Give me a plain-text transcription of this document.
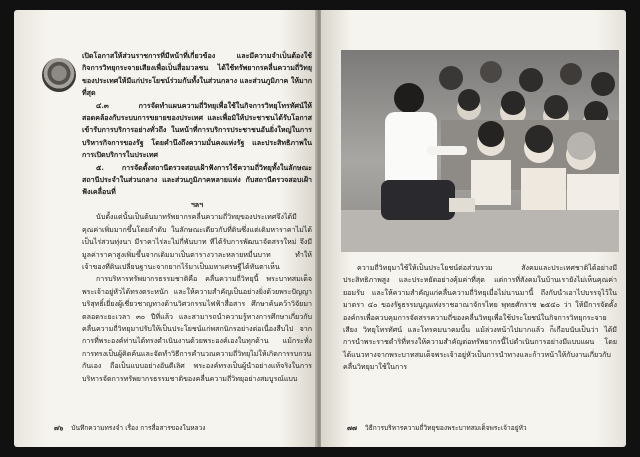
เปิดโอกาสให้ส่วนราชการที่มีหน้าที่เกี่ยวข้อง และมีความจำเป็นต้องใช้กิจการวิทยุกระจายเสียงเพื่อเป็นสื่อมวลชน ได้ใช้ทรัพยากรคลื่นความถี่วิทยุของประเทศให้มีแก่ประโยชน์ร่วมกันทั้งในส่วนกลาง และส่วนภูมิภาค ให้มากที่สุด

๔.๓ การจัดทำแผนความถี่วิทยุเพื่อใช้ในกิจการวิทยุโทรทัศน์ให้สอดคล้องกับระบบการขยายของประเทศ และเพื่อมิให้ประชาชนได้รับโอกาสเข้ารับการบริการอย่างทั่วถึง ในหน้าที่การบริการประชาชนอันยิ่งใหญ่ในการบริหารกิจการของรัฐ โดยคำนึงถึงความมั่นคงแห่งรัฐ และประสิทธิภาพในการเปิดบริการในประเทศ

๕. การจัดตั้งสถานีตรวจสอบเฝ้าฟังการใช้ความถี่วิทยุทั้งในลักษณะสถานีประจำในส่วนกลาง และส่วนภูมิภาคหลายแห่ง กับสถานีตรวจสอบเฝ้าฟังเคลื่อนที่

ฯลฯ

นับตั้งแต่นั้นเป็นต้นมาทรัพยากรคลื่นความถี่วิทยุของประเทศจึงได้มีคุณค่าเพิ่มมากขึ้นโดยลำดับ ในลักษณะเดียวกับที่ดินซึ่งแต่เดิมหาราคาไม่ได้ เป็นไร่สวนทุ่งนา มีราคาไร่ละไม่กี่พันบาท ทีได้รับการพัฒนาจัดสรรใหม่ จึงมีมูลค่าราคาสูงเพิ่มขึ้นจากเดิมมาเป็นตารางวาละหลายหมื่นบาท ทำให้เจ้าของที่ดินเปลี่ยนฐานะจากยากไร้มาเป็นมหาเศรษฐีได้ทันตาเห็น

การบริหารทรัพยากรธรรมชาติคือ คลื่นความถี่วิทยุนี้ พระบาทสมเด็จพระเจ้าอยู่หัวได้ทรงตระหนัก และให้ความสำคัญเป็นอย่างยิ่งด้วยพระปัญญาบริสุทธิ์เยี่ยงผู้เชี่ยวชาญทางด้านวิศวกรรมไฟฟ้าสื่อสาร ศึกษาค้นคว้าวิจัยมาตลอดระยะเวลา ๓๐ ปีที่แล้ว และสามารถนำความรู้ทางการศึกษาเกี่ยวกับคลื่นความถี่วิทยุมาปรับให้เป็นประโยชน์แก่พสกนิกรอย่างต่อเนื่องสืบไป จากการที่พระองค์ท่านได้ทรงดำเนินงานด้วยพระองค์เองในทุกด้าน แม้กระทั่งการทรงเป็นผู้คิดค้นและจัดทำวิธีการคำนวณความถี่วิทยุไม่ให้เกิดการรบกวนกันเอง ถือเป็นแบบอย่างอันดีเลิศ พระองค์ทรงเป็นผู้นำอย่างแท้จริงในการบริหารจัดการทรัพยากรธรรมชาติของคลื่นความถี่วิทยุอย่างสมบูรณ์แบบ

๗๖ บันทึกความทรงจำ เรื่อง การสื่อสารของในหลวง

ความถี่วิทยุมาใช้ให้เป็นประโยชน์ต่อส่วนรวม สังคมและประเทศชาติได้อย่างมีประสิทธิภาพสูง และประหยัดอย่างคุ้มค่าที่สุด แต่การที่สังคมในบ้านเรายังไม่เห็นคุณค่า ยอมรับ และให้ความสำคัญแก่คลื่นความถี่วิทยุเมื่อไม่นานมานี้ ถึงกับนำเอาไปบรรจุไว้ในมาตรา ๔๐ ของรัฐธรรมนูญแห่งราชอาณาจักรไทย พุทธศักราช ๒๕๔๐ ว่า ให้มีการจัดตั้งองค์กรเพื่อควบคุมการจัดสรรความถี่ของคลื่นวิทยุเพื่อใช้ประโยชน์ในกิจการวิทยุกระจายเสียง วิทยุโทรทัศน์ และโทรคมนาคมนั้น แม้ล่วงหน้าไปมากแล้ว ก็เกือบนับเป็นว่า ได้มีการนำพระราชดำริที่ทรงให้ความสำคัญต่อทรัพยากรนี้ไปดำเนินการอย่างมีแบบแผน โดยได้แนวทางจากพระบาทสมเด็จพระเจ้าอยู่หัวเป็นการนำทางและก้าวหน้าให้กับงานเกี่ยวกับคลื่นวิทยุมาใช้ในการ

๗๗ วิธีการบริหารความถี่วิทยุของพระบาทสมเด็จพระเจ้าอยู่หัว
